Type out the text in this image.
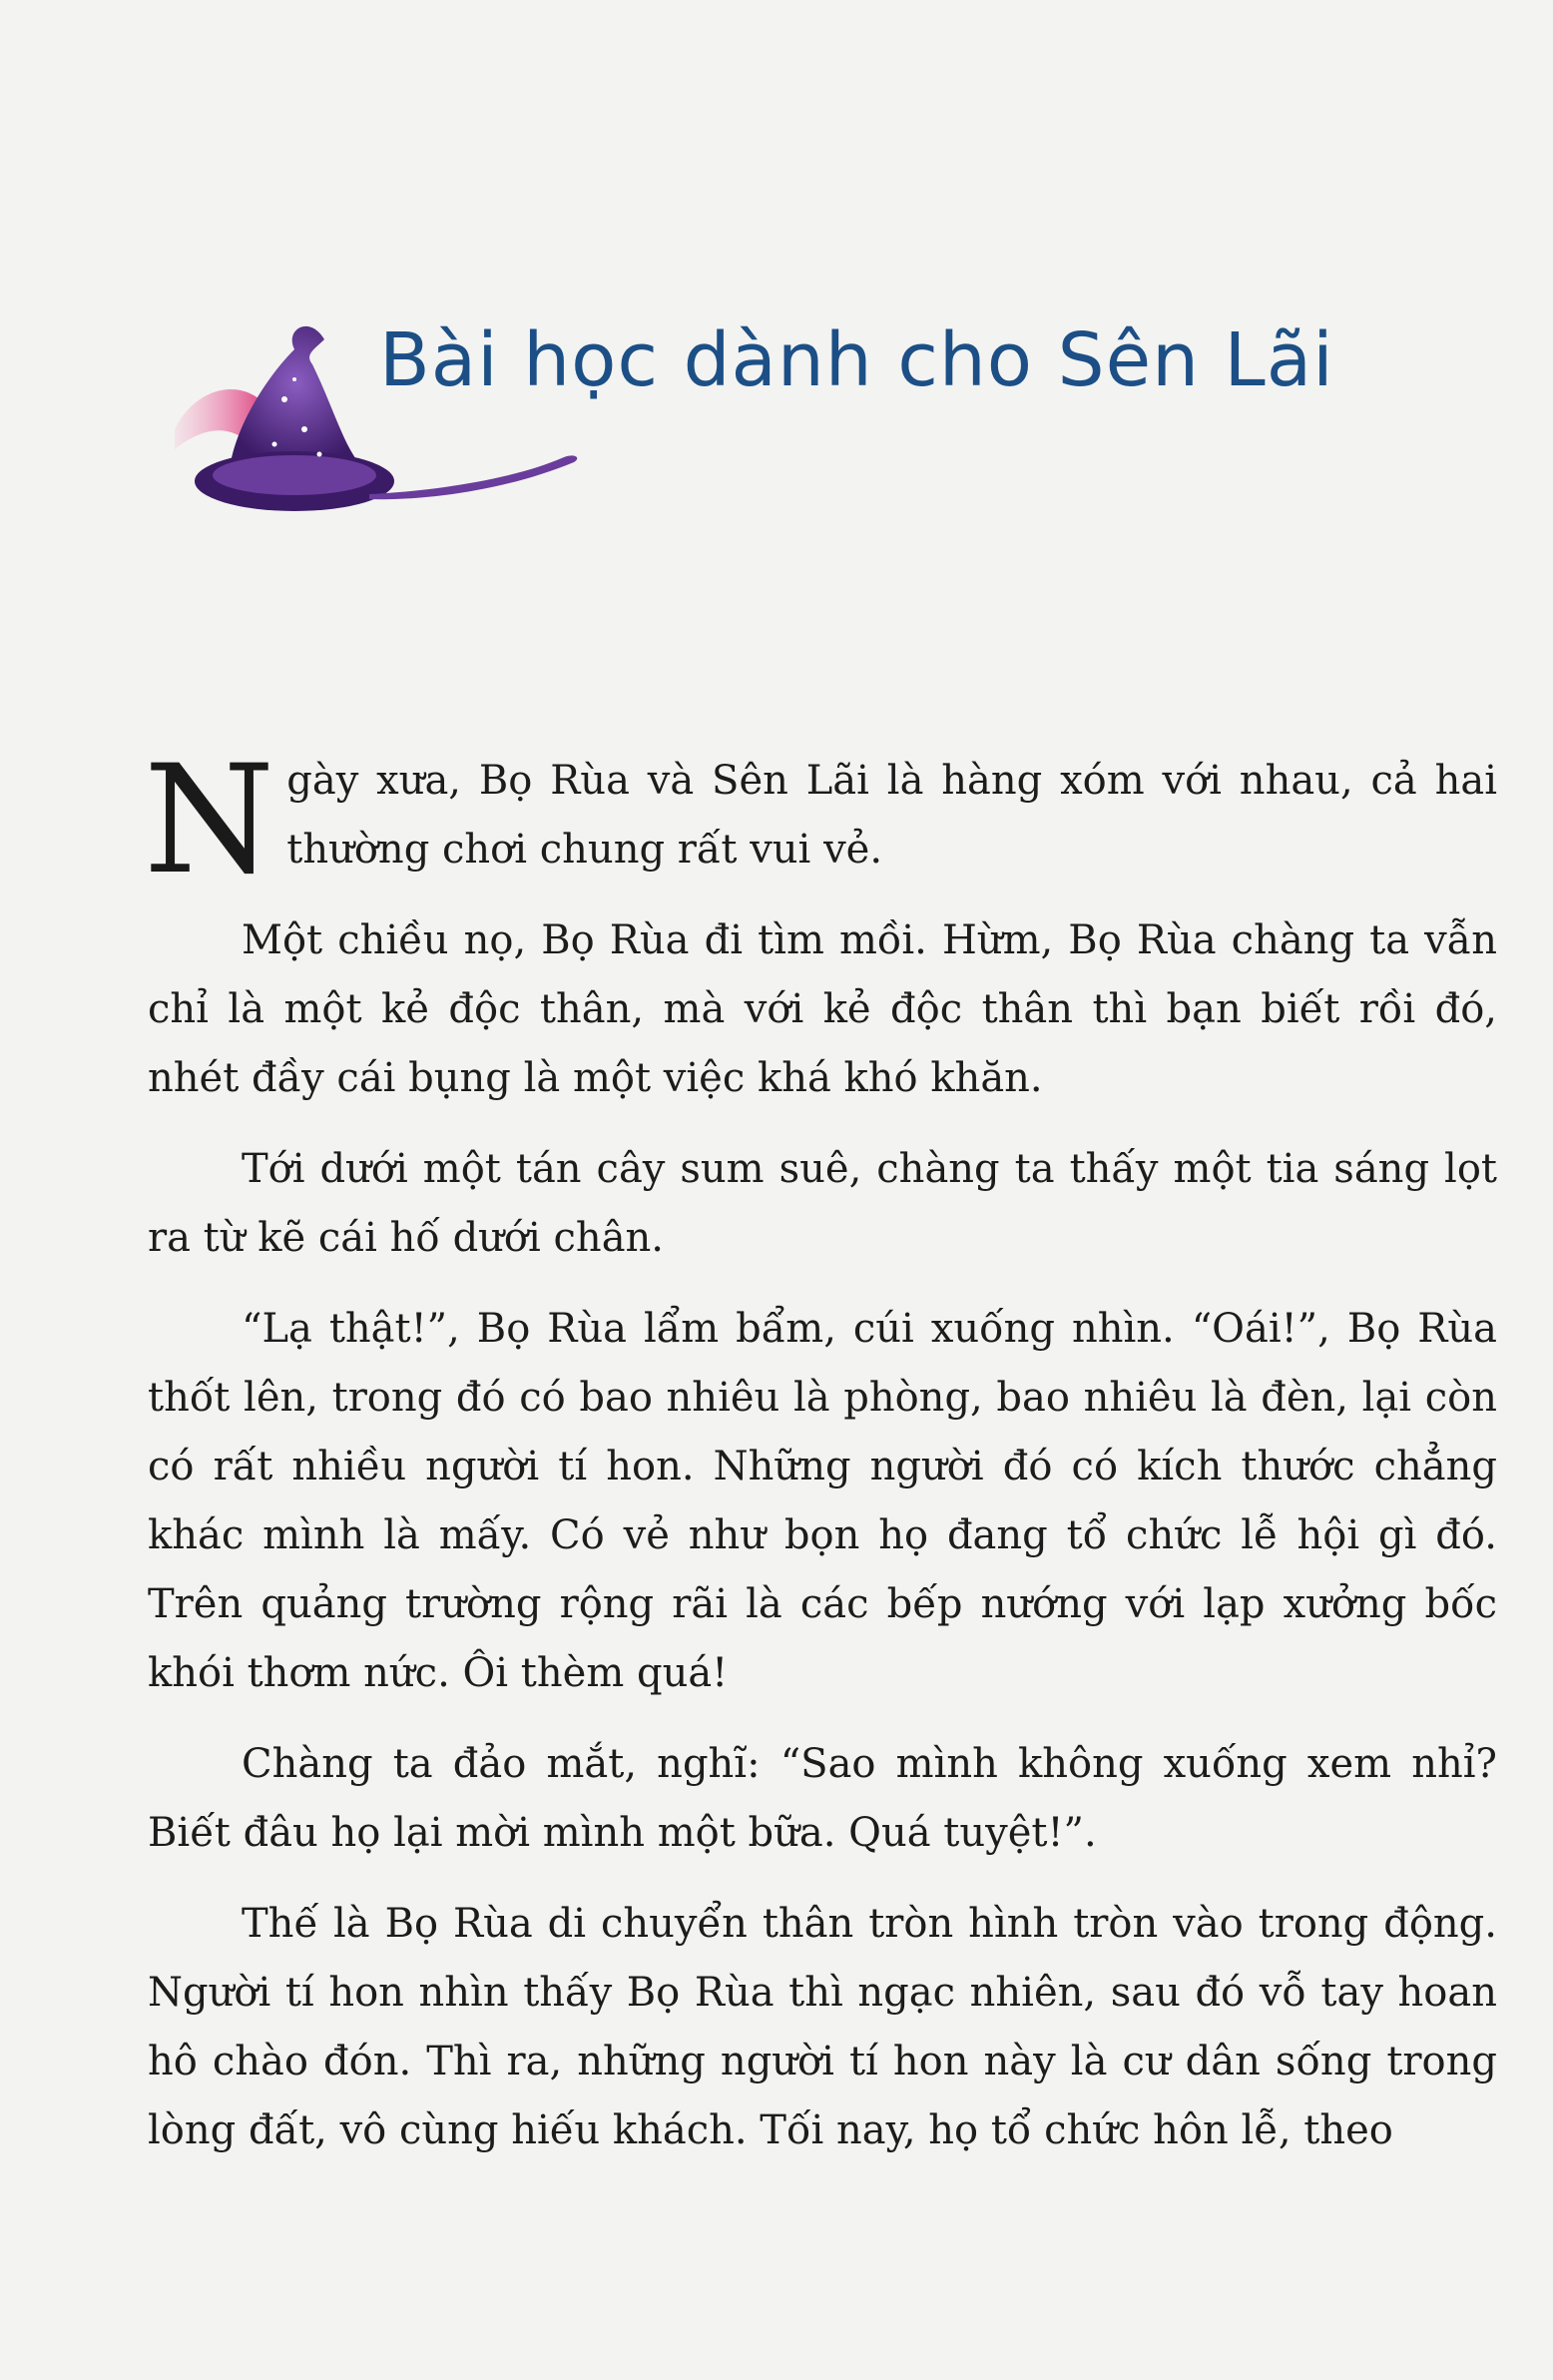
Bài học dành cho Sên Lãi

Ngày xưa, Bọ Rùa và Sên Lãi là hàng xóm với nhau, cả hai thường chơi chung rất vui vẻ.

Một chiều nọ, Bọ Rùa đi tìm mồi. Hừm, Bọ Rùa chàng ta vẫn chỉ là một kẻ độc thân, mà với kẻ độc thân thì bạn biết rồi đó, nhét đầy cái bụng là một việc khá khó khăn.

Tới dưới một tán cây sum suê, chàng ta thấy một tia sáng lọt ra từ kẽ cái hố dưới chân.

“Lạ thật!”, Bọ Rùa lẩm bẩm, cúi xuống nhìn. “Oái!”, Bọ Rùa thốt lên, trong đó có bao nhiêu là phòng, bao nhiêu là đèn, lại còn có rất nhiều người tí hon. Những người đó có kích thước chẳng khác mình là mấy. Có vẻ như bọn họ đang tổ chức lễ hội gì đó. Trên quảng trường rộng rãi là các bếp nướng với lạp xưởng bốc khói thơm nức. Ôi thèm quá!

Chàng ta đảo mắt, nghĩ: “Sao mình không xuống xem nhỉ? Biết đâu họ lại mời mình một bữa. Quá tuyệt!”.

Thế là Bọ Rùa di chuyển thân tròn hình tròn vào trong động. Người tí hon nhìn thấy Bọ Rùa thì ngạc nhiên, sau đó vỗ tay hoan hô chào đón. Thì ra, những người tí hon này là cư dân sống trong lòng đất, vô cùng hiếu khách. Tối nay, họ tổ chức hôn lễ, theo
